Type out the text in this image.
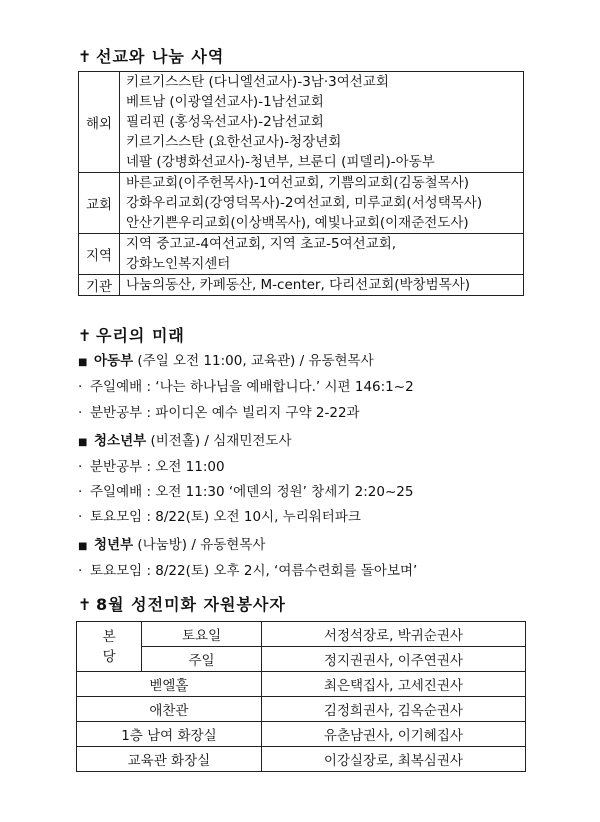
✝ 선교와 나눔 사역
해외	키르기스스탄 (다니엘선교사)-3남·3여선교회
베트남 (이광열선교사)-1남선교회
필리핀 (홍성욱선교사)-2남선교회
키르기스스탄 (요한선교사)-청장년회
네팔 (강병화선교사)-청년부, 브룬디 (피델리)-아동부

교회	바른교회(이주헌목사)-1여선교회, 기쁨의교회(김동철목사)
강화우리교회(강영덕목사)-2여선교회, 미루교회(서성택목사)
안산기쁜우리교회(이상백목사), 예빛나교회(이재준전도사)

지역	지역 중고교-4여선교회, 지역 초교-5여선교회,
강화노인복지센터

기관	나눔의동산, 카페동산, M-center, 다리선교회(박창범목사)
✝ 우리의 미래
■ 아동부 (주일 오전 11:00, 교육관) / 유동현목사
· 주일예배 : ‘나는 하나님을 예배합니다.’ 시편 146:1~2
· 분반공부 : 파이디온 예수 빌리지 구약 2-22과
■ 청소년부 (비전홀) / 심재민전도사
· 분반공부 : 오전 11:00
· 주일예배 : 오전 11:30 ‘에덴의 정원’ 창세기 2:20~25
· 토요모임 : 8/22(토) 오전 10시, 누리워터파크
■ 청년부 (나눔방) / 유동현목사
· 토요모임 : 8/22(토) 오후 2시, ‘여름수련회를 돌아보며’
✝ 8월 성전미화 자원봉사자
본당	토요일	서정석장로, 박귀순권사
	주일	정지권권사, 이주연권사
벧엘홀		최은택집사, 고세진권사
애찬관		김정희권사, 김옥순권사
1층 남여 화장실		유춘남권사, 이기혜집사
교육관 화장실		이강실장로, 최복심권사
